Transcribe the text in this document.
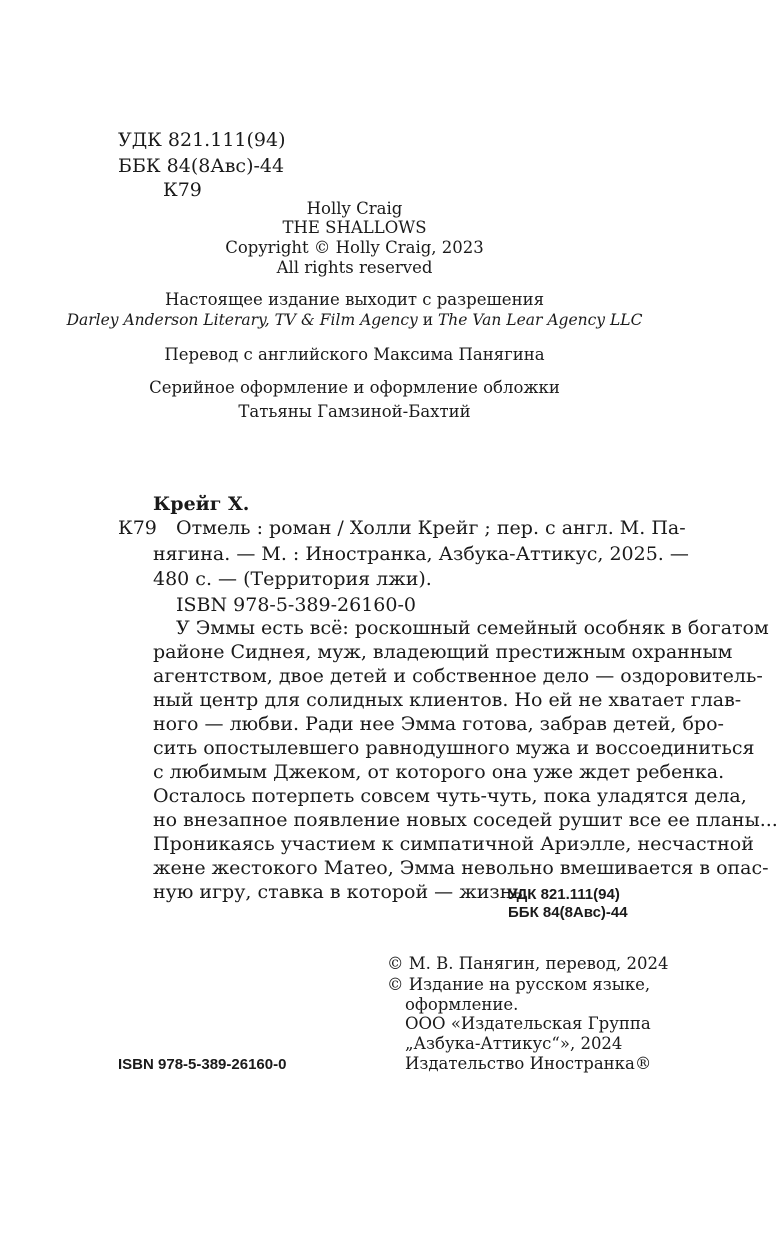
УДК 821.111(94)
ББК 84(8Авс)-44
К79
Holly Craig
THE SHALLOWS
Copyright © Holly Craig, 2023
All rights reserved
Настоящее издание выходит с разрешения
Darley Anderson Literary, TV & Film Agency и The Van Lear Agency LLC
Перевод с английского Максима Панягина
Серийное оформление и оформление обложки
Татьяны Гамзиной-Бахтий
Крейг Х.
К79 Отмель : роман / Холли Крейг ; пер. с англ. М. Па-
нягина. — М. : Иностранка, Азбука-Аттикус, 2025. —
480 с. — (Территория лжи).
ISBN 978-5-389-26160-0
У Эммы есть всё: роскошный семейный особняк в богатом
районе Сиднея, муж, владеющий престижным охранным
агентством, двое детей и собственное дело — оздоровитель-
ный центр для солидных клиентов. Но ей не хватает глав-
ного — любви. Ради нее Эмма готова, забрав детей, бро-
сить опостылевшего равнодушного мужа и воссоединиться
с любимым Джеком, от которого она уже ждет ребенка.
Осталось потерпеть совсем чуть-чуть, пока уладятся дела,
но внезапное появление новых соседей рушит все ее планы...
Проникаясь участием к симпатичной Ариэлле, несчастной
жене жестокого Матео, Эмма невольно вмешивается в опас-
ную игру, ставка в которой — жизнь.
УДК 821.111(94)
ББК 84(8Авс)-44
© М. В. Панягин, перевод, 2024
© Издание на русском языке,
оформление.
ООО «Издательская Группа
„Азбука-Аттикус“», 2024
Издательство Иностранка®
ISBN 978-5-389-26160-0
